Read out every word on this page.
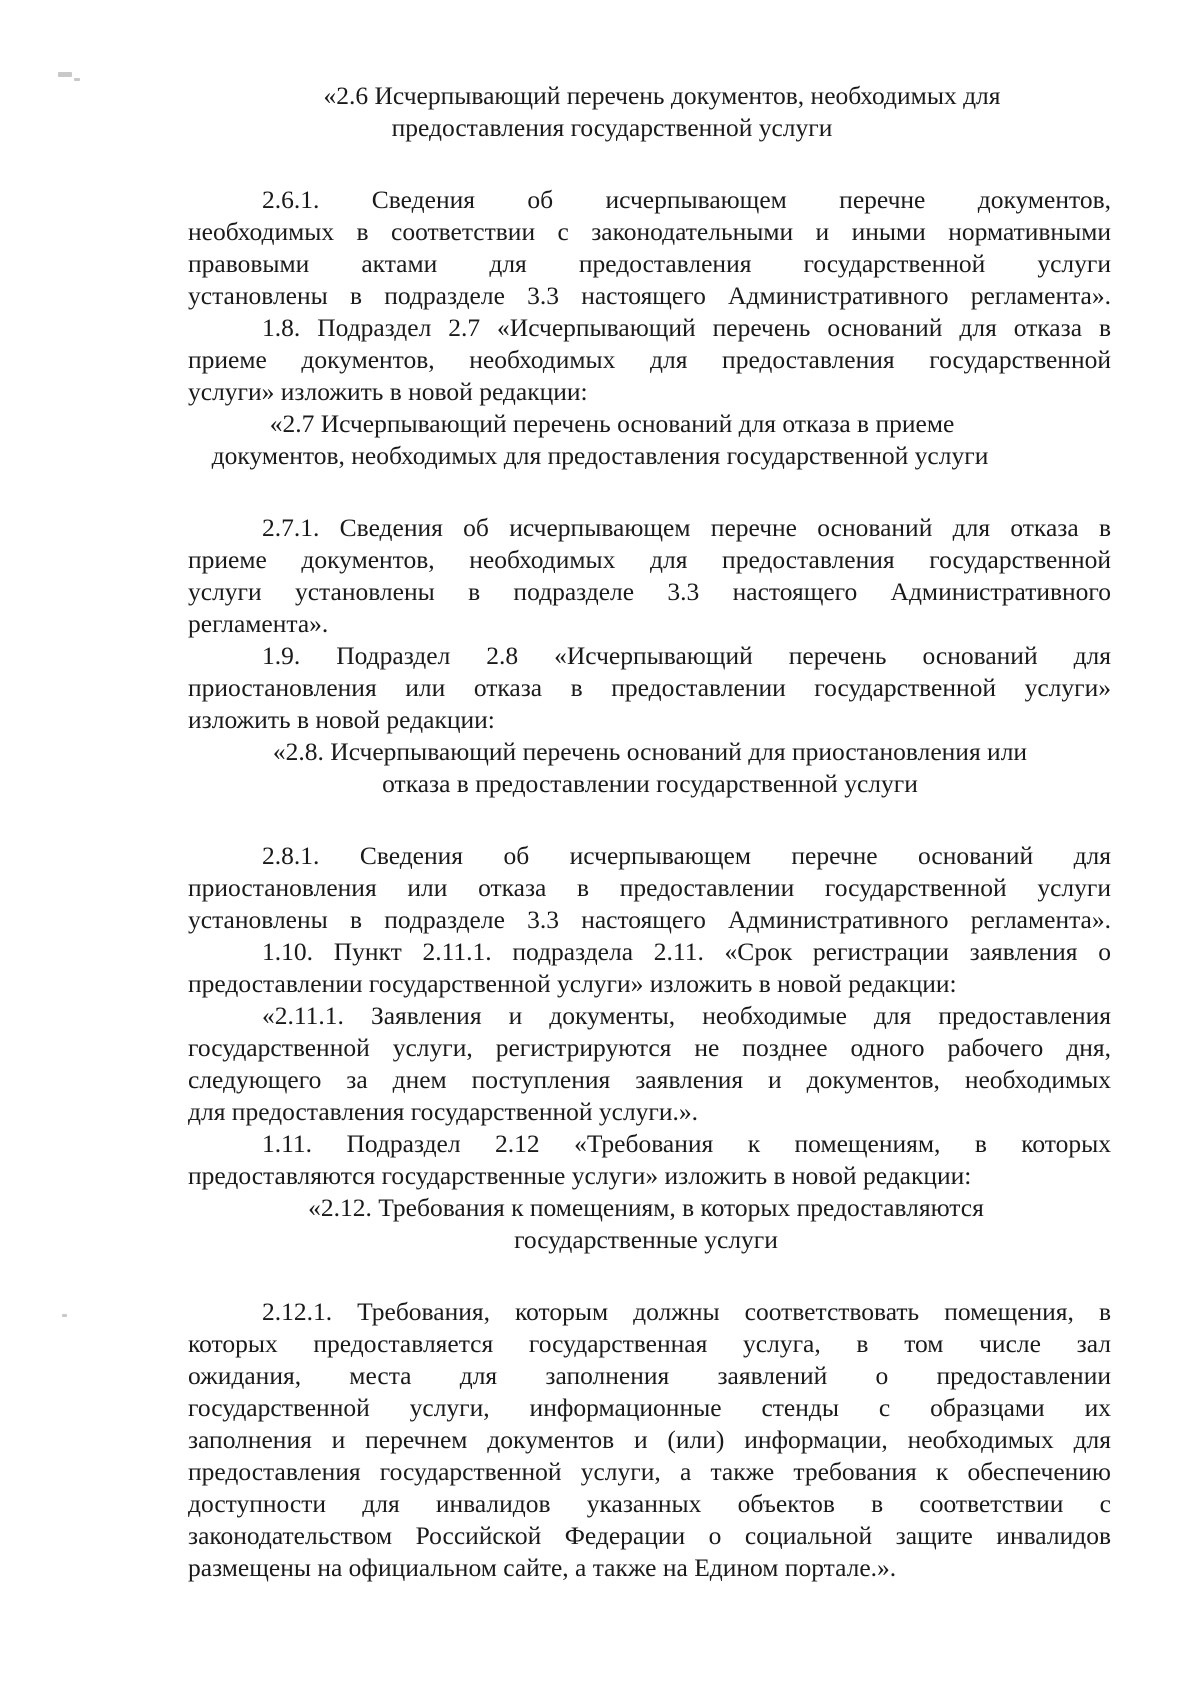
«2.6 Исчерпывающий перечень документов, необходимых для
предоставления государственной услуги
2.6.1. Сведения об исчерпывающем перечне документов,
необходимых в соответствии с законодательными и иными нормативными
правовыми актами для предоставления государственной услуги
установлены в подразделе 3.3 настоящего Административного регламента».
1.8. Подраздел 2.7 «Исчерпывающий перечень оснований для отказа в
приеме документов, необходимых для предоставления государственной
услуги» изложить в новой редакции:
«2.7 Исчерпывающий перечень оснований для отказа в приеме
документов, необходимых для предоставления государственной услуги
2.7.1. Сведения об исчерпывающем перечне оснований для отказа в
приеме документов, необходимых для предоставления государственной
услуги установлены в подразделе 3.3 настоящего Административного
регламента».
1.9. Подраздел 2.8 «Исчерпывающий перечень оснований для
приостановления или отказа в предоставлении государственной услуги»
изложить в новой редакции:
«2.8. Исчерпывающий перечень оснований для приостановления или
отказа в предоставлении государственной услуги
2.8.1. Сведения об исчерпывающем перечне оснований для
приостановления или отказа в предоставлении государственной услуги
установлены в подразделе 3.3 настоящего Административного регламента».
1.10. Пункт 2.11.1. подраздела 2.11. «Срок регистрации заявления о
предоставлении государственной услуги» изложить в новой редакции:
«2.11.1. Заявления и документы, необходимые для предоставления
государственной услуги, регистрируются не позднее одного рабочего дня,
следующего за днем поступления заявления и документов, необходимых
для предоставления государственной услуги.».
1.11. Подраздел 2.12 «Требования к помещениям, в которых
предоставляются государственные услуги» изложить в новой редакции:
«2.12. Требования к помещениям, в которых предоставляются
государственные услуги
2.12.1. Требования, которым должны соответствовать помещения, в
которых предоставляется государственная услуга, в том числе зал
ожидания, места для заполнения заявлений о предоставлении
государственной услуги, информационные стенды с образцами их
заполнения и перечнем документов и (или) информации, необходимых для
предоставления государственной услуги, а также требования к обеспечению
доступности для инвалидов указанных объектов в соответствии с
законодательством Российской Федерации о социальной защите инвалидов
размещены на официальном сайте, а также на Едином портале.».
